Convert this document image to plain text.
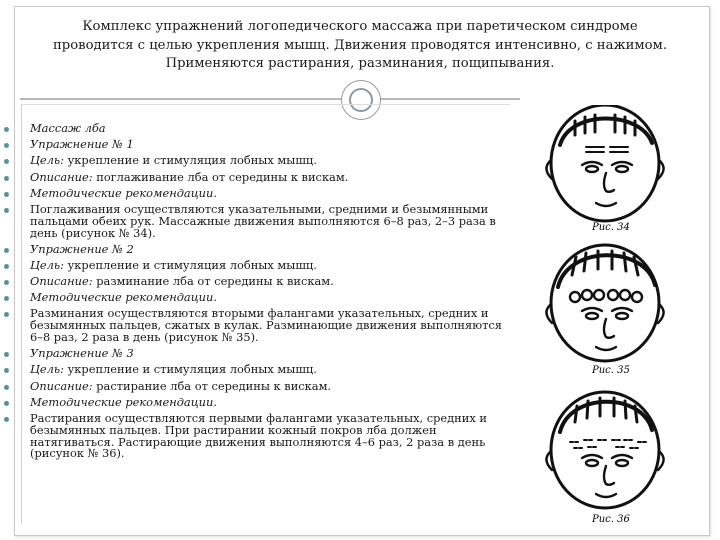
Комплекс упражнений логопедического массажа при паретическом синдроме
проводится с целью укрепления мышц. Движения проводятся интенсивно, с нажимом.
Применяются растирания, разминания, пощипывания.
Массаж лба
Упражнение № 1
Цель: укрепление и стимуляция лобных мышц.
Описание: поглаживание лба от середины к вискам.
Методические рекомендации.
Поглаживания осуществляются указательными, средними и безымянными пальцами обеих рук. Массажные движения выполняются 6–8 раз, 2–3 раза в день (рисунок № 34).
Упражнение № 2
Цель: укрепление и стимуляция лобных мышц.
Описание: разминание лба от середины к вискам.
Методические рекомендации.
Разминания осуществляются вторыми фалангами указательных, средних и безымянных пальцев, сжатых в кулак. Разминающие движения выполняются 6–8 раз, 2 раза в день (рисунок № 35).
Упражнение № 3
Цель: укрепление и стимуляция лобных мышц.
Описание: растирание лба от середины к вискам.
Методические рекомендации.
Растирания осуществляются первыми фалангами указательных, средних и безымянных пальцев. При растирании кожный покров лба должен натягиваться. Растирающие движения выполняются 4–6 раз, 2 раза в день (рисунок № 36).
Рис. 34
Рис. 35
Рис. 36
